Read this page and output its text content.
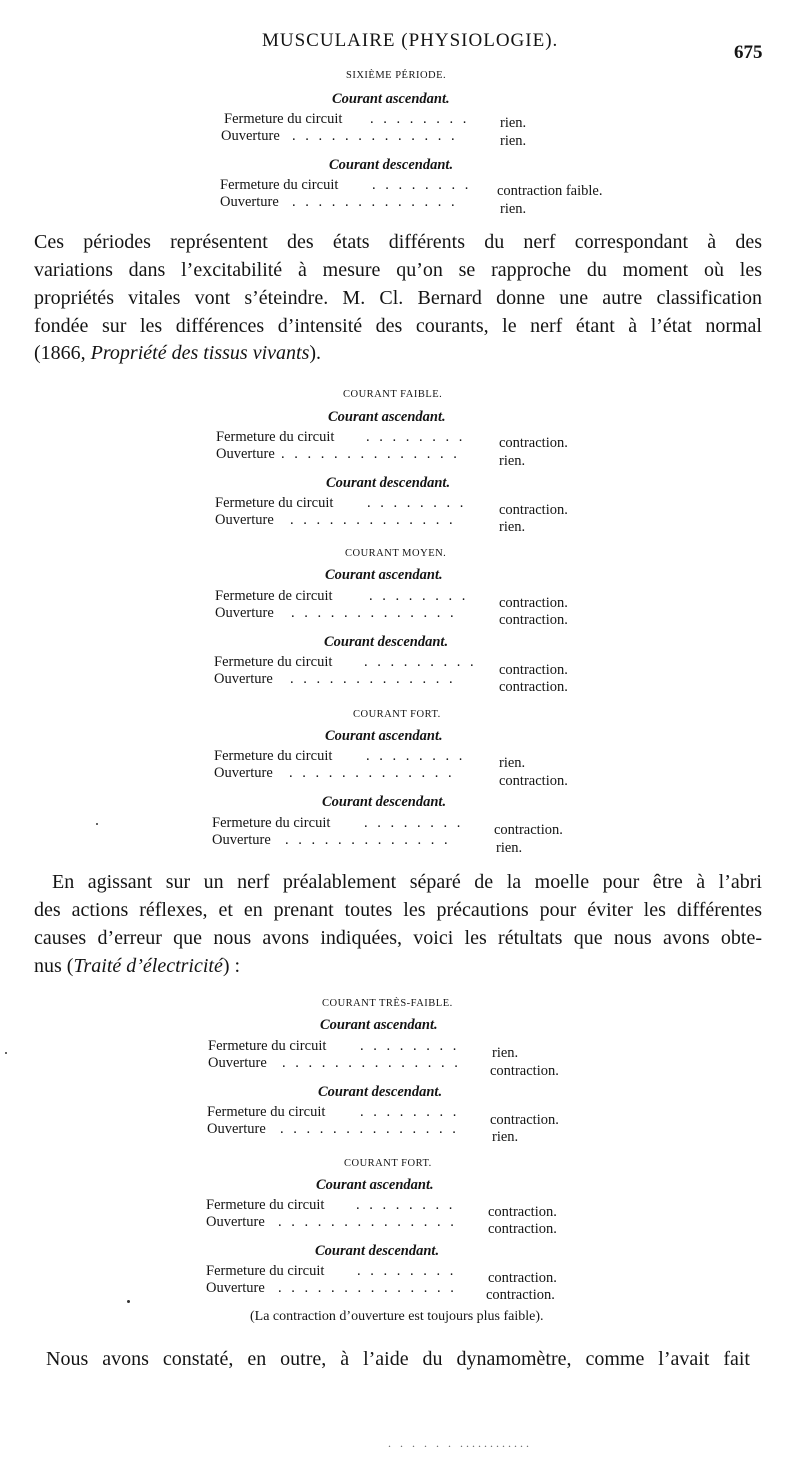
MUSCULAIRE (PHYSIOLOGIE).
675
SIXIÈME PÉRIODE.
Courant ascendant.
Fermeture du circuit . . . . . . . . rien.
Ouverture . . . . . . . . . . . . .	rien.
Courant descendant.
Fermeture du circuit . . . . . . . . contraction faible.
Ouverture . . . . . . . . . . . . .	rien.
Ces périodes représentent des états différents du nerf correspondant à des
variations dans l’excitabilité à mesure qu’on se rapproche du moment où les
propriétés vitales vont s’éteindre. M. Cl. Bernard donne une autre classification
fondée sur les différences d’intensité des courants, le nerf étant à l’état normal
(1866, Propriété des tissus vivants).
COURANT FAIBLE.
Courant ascendant.
Fermeture du circuit . . . . . . . . contraction.
Ouverture . . . . . . . . . . . . . .	rien.
Courant descendant.
Fermeture du circuit . . . . . . . . contraction.
Ouverture . . . . . . . . . . . . .	rien.
COURANT MOYEN.
Courant ascendant.
Fermeture de circuit	. . . . . . . . contraction.
Ouverture . . . . . . . . . . . . .	contraction.
Courant descendant.
Fermeture du circuit . . . . . . . . . contraction.
Ouverture . . . . . . . . . . . . .	contraction.
COURANT FORT.
Courant ascendant.
Fermeture du circuit . . . . . . . . rien.
Ouverture . . . . . . . . . . . . .	contraction.
Courant descendant.
Fermeture du circuit . . . . . . . . contraction.
Ouverture . . . . . . . . . . . . .	rien.
En agissant sur un nerf préalablement séparé de la moelle pour être à l’abri
des actions réflexes, et en prenant toutes les précautions pour éviter les différentes
causes d’erreur que nous avons indiquées, voici les rétultats que nous avons obte-
nus (Traité d’électricité) :
COURANT TRÈS-FAIBLE.
Courant ascendant.
Fermeture du circuit . . . . . . . . rien.
Ouverture . . . . . . . . . . . . . . contraction.
Courant descendant.
Fermeture du circuit . . . . . . . . contraction.
Ouverture . . . . . . . . . . . . . . rien.
COURANT FORT.
Courant ascendant.
Fermeture du circuit . . . . . . . . contraction.
Ouverture . . . . . . . . . . . . . . contraction.
Courant descendant.
Fermeture du circuit . . . . . . . . contraction.
Ouverture . . . . . . . . . . . . . . contraction.
(La contraction d’ouverture est toujours plus faible).
Nous avons constaté, en outre, à l’aide du dynamomètre, comme l’avait fait
. . . . . . ............
